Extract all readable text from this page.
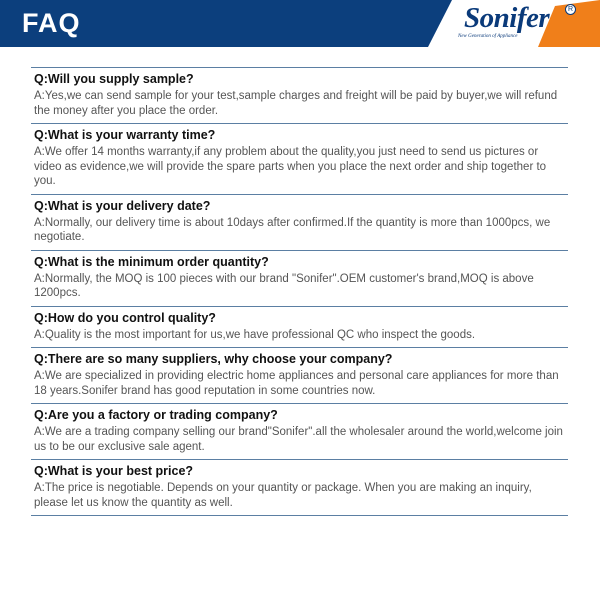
FAQ	Sonifer	R
New Generation of Appliance

Q:Will you supply sample?

A:Yes,we can send sample for your test,sample charges and freight will be paid by buyer,we will refund the money after you place the order.

Q:What is your warranty time?

A:We offer 14 months warranty,if any problem about the quality,you just need to send us pictures or video as evidence,we will provide the spare parts when you place the next order and ship together to you.

Q:What is your delivery date?

A:Normally, our delivery time is about 10days after confirmed.If the quantity is more than 1000pcs, we negotiate.

Q:What is the minimum order quantity?

A:Normally, the MOQ is 100 pieces with our brand "Sonifer".OEM customer's brand,MOQ is above 1200pcs.

Q:How do you control quality?

A:Quality is the most important for us,we have professional QC who inspect the goods.

Q:There are so many suppliers, why choose your company?

A:We are specialized in providing electric home appliances and personal care appliances for more than 18 years.Sonifer brand has good reputation in some countries now.

Q:Are you a factory or trading company?

A:We are a trading company selling our brand"Sonifer".all the wholesaler around the world,welcome join us to be our exclusive sale agent.

Q:What is your best price?

A:The price is negotiable. Depends on your quantity or package. When you are making an inquiry, please let us know the quantity as well.
